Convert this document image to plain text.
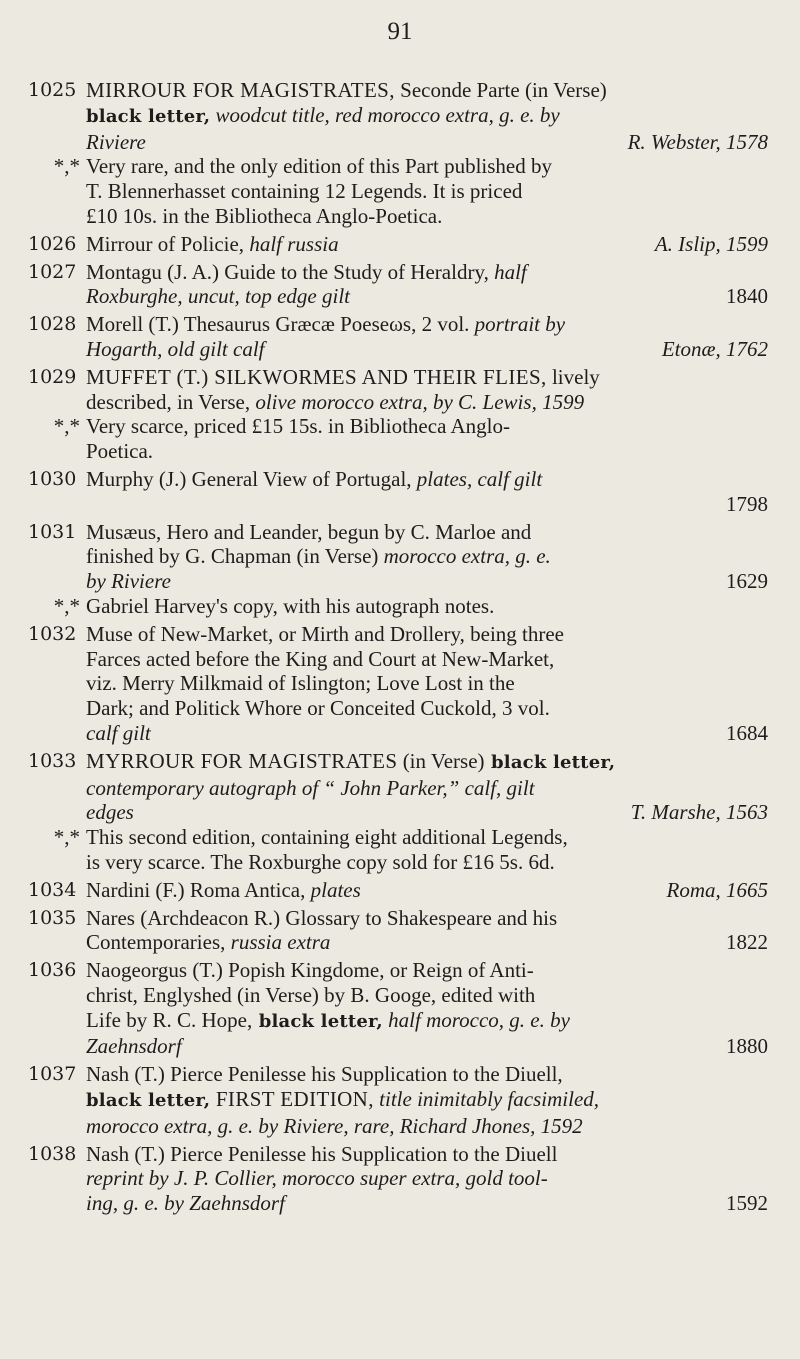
91
1025 MIRROUR FOR MAGISTRATES, Seconde Parte (in Verse)
black letter, woodcut title, red morocco extra, g. e. by
Riviere	R. Webster, 1578
*,* Very rare, and the only edition of this Part published by
T. Blennerhasset containing 12 Legends. It is priced
£10 10s. in the Bibliotheca Anglo-Poetica.
1026 Mirrour of Policie, half russia	A. Islip, 1599
1027 Montagu (J. A.) Guide to the Study of Heraldry, half
Roxburghe, uncut, top edge gilt	1840
1028 Morell (T.) Thesaurus Græcæ Poeseωs, 2 vol. portrait by
Hogarth, old gilt calf	Etonæ, 1762
1029 MUFFET (T.) SILKWORMES AND THEIR FLIES, lively
described, in Verse, olive morocco extra, by C. Lewis, 1599
*,* Very scarce, priced £15 15s. in Bibliotheca Anglo-
Poetica.
1030 Murphy (J.) General View of Portugal, plates, calf gilt
1798
1031 Musæus, Hero and Leander, begun by C. Marloe and
finished by G. Chapman (in Verse) morocco extra, g. e.
by Riviere	1629
*,* Gabriel Harvey's copy, with his autograph notes.
1032 Muse of New-Market, or Mirth and Drollery, being three
Farces acted before the King and Court at New-Market,
viz. Merry Milkmaid of Islington; Love Lost in the
Dark; and Politick Whore or Conceited Cuckold, 3 vol.
calf gilt	1684
1033 MYRROUR FOR MAGISTRATES (in Verse) black letter,
contemporary autograph of “ John Parker,” calf, gilt
edges	T. Marshe, 1563
*,* This second edition, containing eight additional Legends,
is very scarce. The Roxburghe copy sold for £16 5s. 6d.
1034 Nardini (F.) Roma Antica, plates	Roma, 1665
1035 Nares (Archdeacon R.) Glossary to Shakespeare and his
Contemporaries, russia extra	1822
1036 Naogeorgus (T.) Popish Kingdome, or Reign of Anti-
christ, Englyshed (in Verse) by B. Googe, edited with
Life by R. C. Hope, black letter, half morocco, g. e. by
Zaehnsdorf	1880
1037 Nash (T.) Pierce Penilesse his Supplication to the Diuell,
black letter, FIRST EDITION, title inimitably facsimiled,
morocco extra, g. e. by Riviere, rare, Richard Jhones, 1592
1038 Nash (T.) Pierce Penilesse his Supplication to the Diuell
reprint by J. P. Collier, morocco super extra, gold tool-
ing, g. e. by Zaehnsdorf	1592
